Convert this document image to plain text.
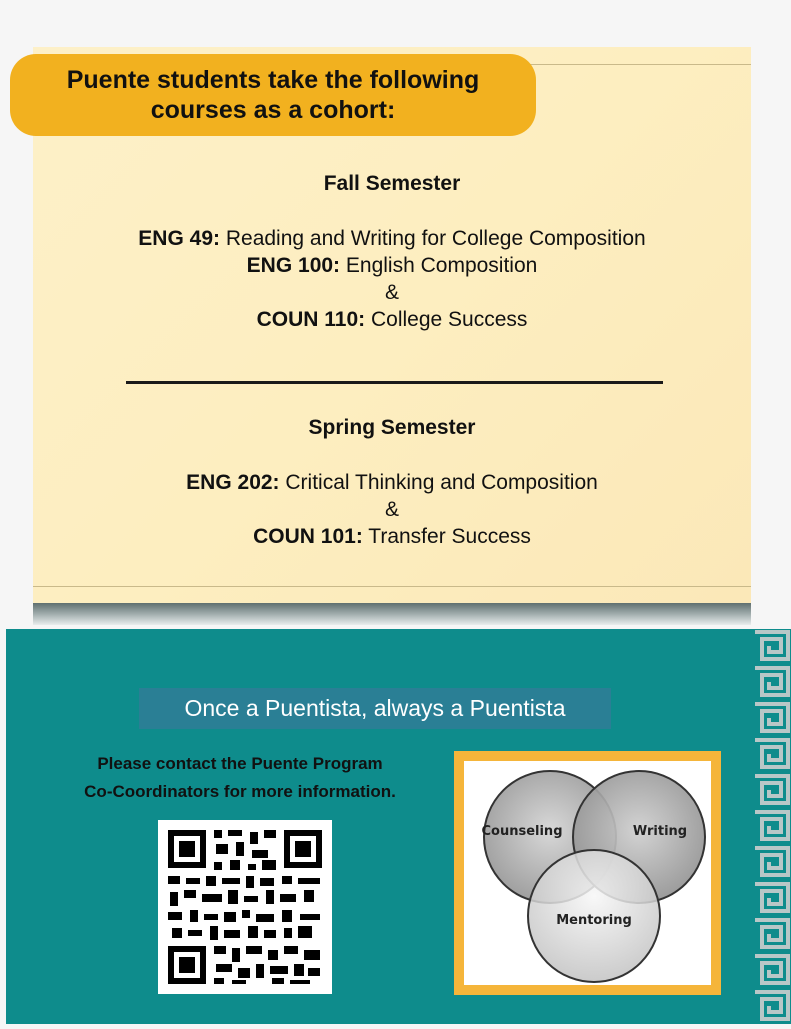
Puente students take the following
courses as a cohort:
Fall Semester
ENG 49: Reading and Writing for College Composition
ENG 100: English Composition
&
COUN 110: College Success
Spring Semester
ENG 202: Critical Thinking and Composition
&
COUN 101: Transfer Success
Once a Puentista, always a Puentista
Please contact the Puente Program
Co-Coordinators for more information.
Counseling	Writing
Mentoring
